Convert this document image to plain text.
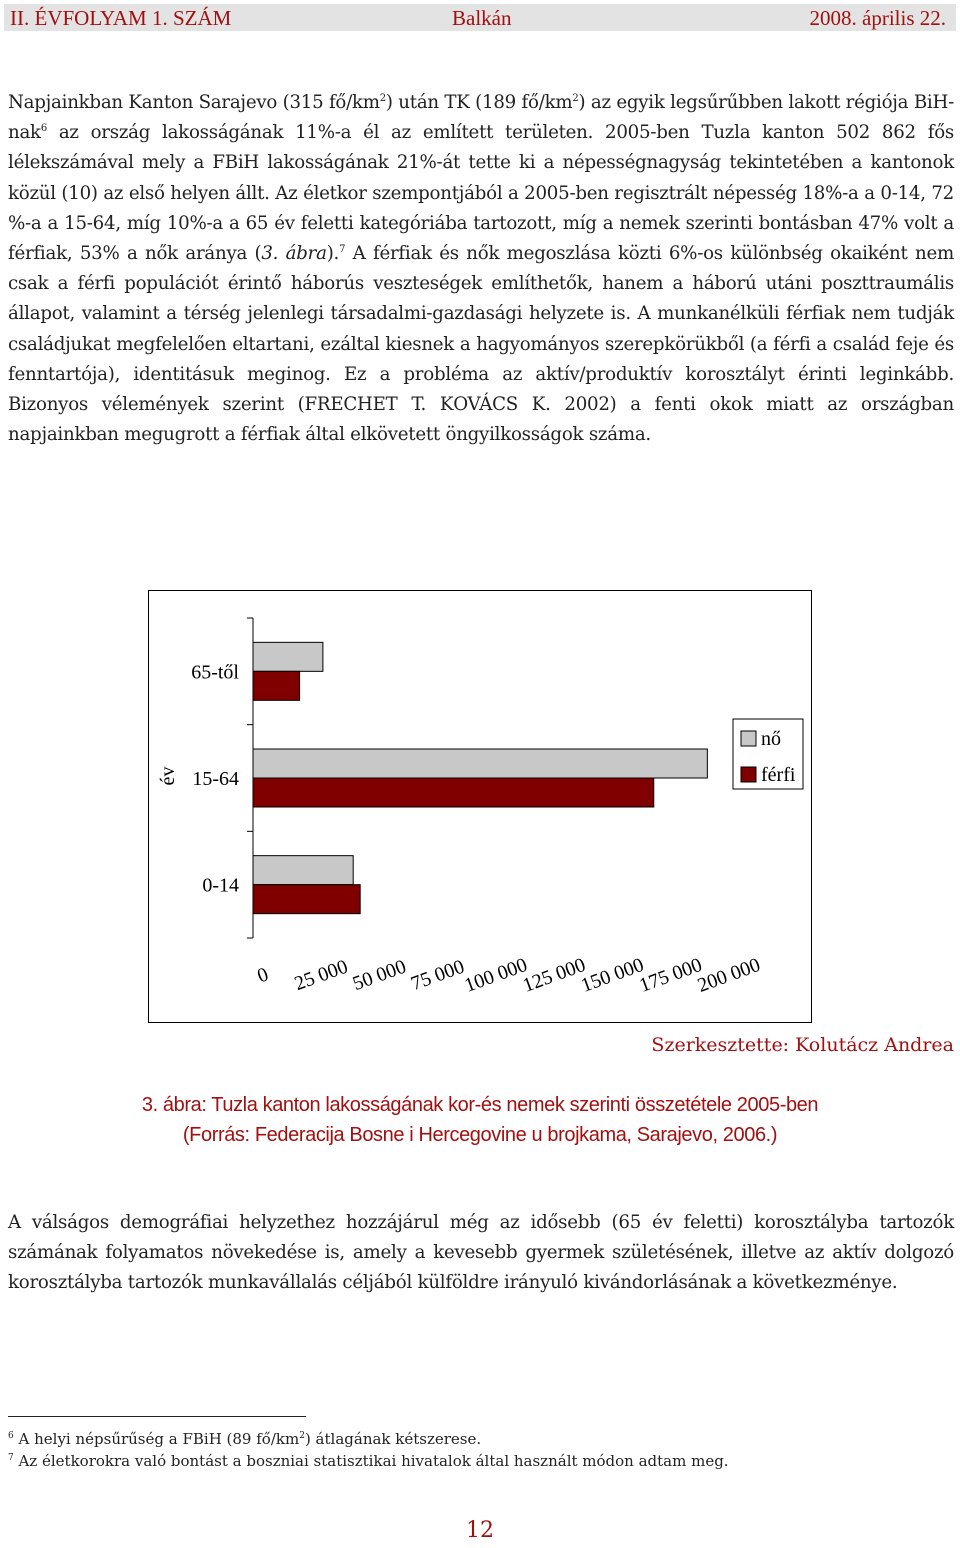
II. ÉVFOLYAM 1. SZÁM	Balkán	2008. április 22.

Napjainkban Kanton Sarajevo (315 $fő/km^2$) után TK (189 $fő/km^2$) az egyik legsűrűbben lakott régiója BiH-nak$^6$ az ország lakosságának 11%-a él az említett területen. 2005-ben Tuzla kanton 502 862 fős lélekszámával mely a FBiH lakosságának 21%-át tette ki a népességnagyság tekintetében a kantonok közül (10) az első helyen állt. Az életkor szempontjából a 2005-ben regisztrált népesség 18%-a a 0-14, 72 %-a a 15-64, míg 10%-a a 65 év feletti kategóriába tartozott, míg a nemek szerinti bontásban 47% volt a férfiak, 53% a nők aránya (3. ábra).$^7$ A férfiak és nők megoszlása közti 6%-os különbség okaiként nem csak a férfi populációt érintő háborús veszteségek említhetők, hanem a háború utáni poszttraumális állapot, valamint a térség jelenlegi társadalmi-gazdasági helyzete is. A munkanélküli férfiak nem tudják családjukat megfelelően eltartani, ezáltal kiesnek a hagyományos szerepkörükből (a férfi a család feje és fenntartója), identitásuk meginog. Ez a probléma az aktív/produktív korosztályt érinti leginkább. Bizonyos vélemények szerint (FRECHET T. KOVÁCS K. 2002) a fenti okok miatt az országban napjainkban megugrott a férfiak által elkövetett öngyilkosságok száma.

0-14
15-64
65-től
év
0 25 000 50 000 75 000
100 000
125 000
150 000
175 000
200 000
nő
férfi
Szerkesztette: Kolutácz Andrea
3. ábra: Tuzla kanton lakosságának kor-és nemek szerinti összetétele 2005-ben
(Forrás: Federacija Bosne i Hercegovine u brojkama, Sarajevo, 2006.)

A válságos demográfiai helyzethez hozzájárul még az idősebb (65 év feletti) korosztályba tartozók számának folyamatos növekedése is, amely a kevesebb gyermek születésének, illetve az aktív dolgozó korosztályba tartozók munkavállalás céljából külföldre irányuló kivándorlásának a következménye.

$^6$ A helyi népsűrűség a FBiH (89 $fő/km^2$) átlagának kétszerese.
$^7$ Az életkorokra való bontást a boszniai statisztikai hivatalok által használt módon adtam meg.
12
